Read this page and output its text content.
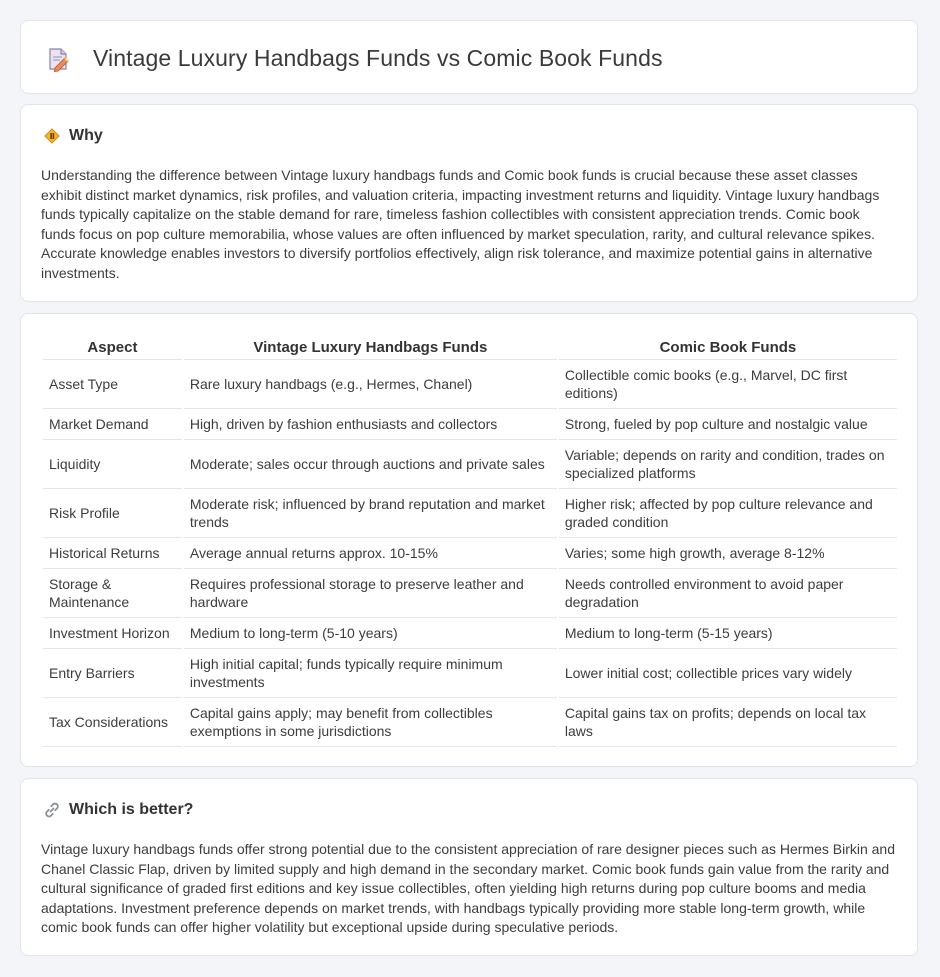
Vintage Luxury Handbags Funds vs Comic Book Funds
Why

Understanding the difference between Vintage luxury handbags funds and Comic book funds is crucial because these asset classes exhibit distinct market dynamics, risk profiles, and valuation criteria, impacting investment returns and liquidity. Vintage luxury handbags funds typically capitalize on the stable demand for rare, timeless fashion collectibles with consistent appreciation trends. Comic book funds focus on pop culture memorabilia, whose values are often influenced by market speculation, rarity, and cultural relevance spikes. Accurate knowledge enables investors to diversify portfolios effectively, align risk tolerance, and maximize potential gains in alternative investments.

Aspect	Vintage Luxury Handbags Funds	Comic Book Funds
Asset Type	Rare luxury handbags (e.g., Hermes, Chanel)	Collectible comic books (e.g., Marvel, DC first editions)
Market Demand	High, driven by fashion enthusiasts and collectors	Strong, fueled by pop culture and nostalgic value
Liquidity	Moderate; sales occur through auctions and private sales	Variable; depends on rarity and condition, trades on specialized platforms
Risk Profile	Moderate risk; influenced by brand reputation and market trends	Higher risk; affected by pop culture relevance and graded condition
Historical Returns	Average annual returns approx. 10-15%	Varies; some high growth, average 8-12%
Storage & Maintenance	Requires professional storage to preserve leather and hardware	Needs controlled environment to avoid paper degradation
Investment Horizon	Medium to long-term (5-10 years)	Medium to long-term (5-15 years)
Entry Barriers	High initial capital; funds typically require minimum investments	Lower initial cost; collectible prices vary widely
Tax Considerations	Capital gains apply; may benefit from collectibles exemptions in some jurisdictions	Capital gains tax on profits; depends on local tax laws
Which is better?

Vintage luxury handbags funds offer strong potential due to the consistent appreciation of rare designer pieces such as Hermes Birkin and Chanel Classic Flap, driven by limited supply and high demand in the secondary market. Comic book funds gain value from the rarity and cultural significance of graded first editions and key issue collectibles, often yielding high returns during pop culture booms and media adaptations. Investment preference depends on market trends, with handbags typically providing more stable long-term growth, while comic book funds can offer higher volatility but exceptional upside during speculative periods.
